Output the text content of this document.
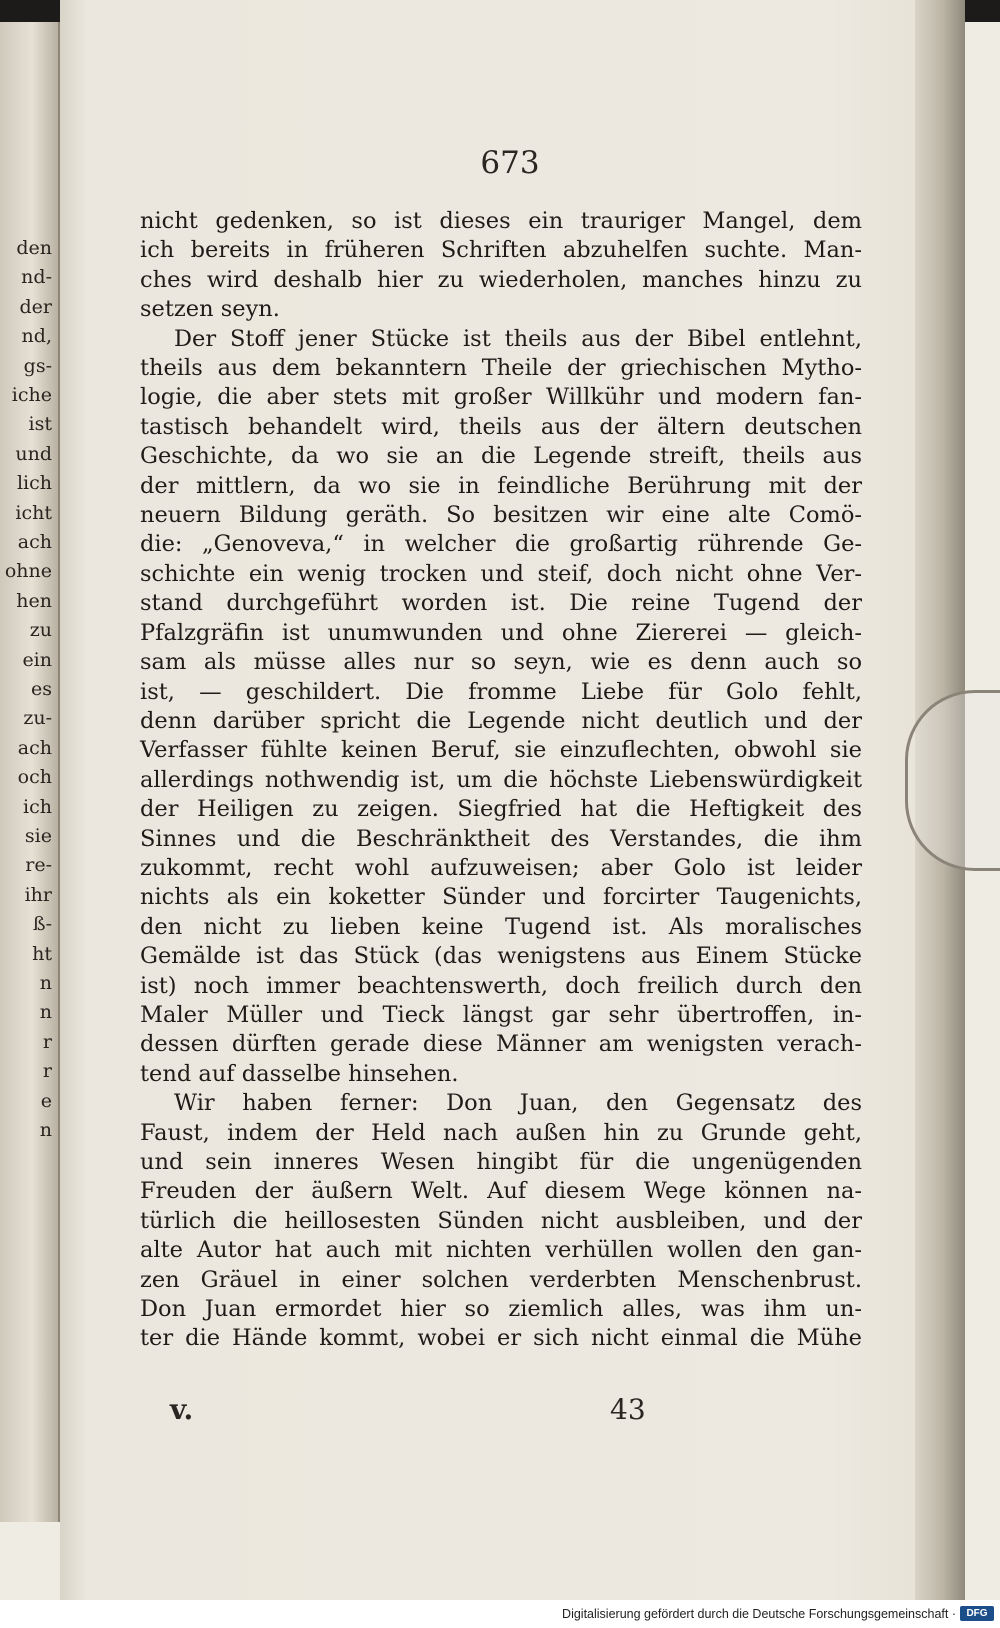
den
nd-
der
nd,
gs-
iche
ist
und
lich
icht
ach
ohne
hen
zu
ein
es
zu-
ach
och
ich
sie
re-
ihr
ß-
ht
n
n
r
r
e
n
673
nicht gedenken, so ist dieses ein trauriger Mangel, dem
ich bereits in früheren Schriften abzuhelfen suchte. Man-
ches wird deshalb hier zu wiederholen, manches hinzu zu
setzen seyn.
Der Stoff jener Stücke ist theils aus der Bibel entlehnt,
theils aus dem bekanntern Theile der griechischen Mytho-
logie, die aber stets mit großer Willkühr und modern fan-
tastisch behandelt wird, theils aus der ältern deutschen
Geschichte, da wo sie an die Legende streift, theils aus
der mittlern, da wo sie in feindliche Berührung mit der
neuern Bildung geräth. So besitzen wir eine alte Comö-
die: „Genoveva,“ in welcher die großartig rührende Ge-
schichte ein wenig trocken und steif, doch nicht ohne Ver-
stand durchgeführt worden ist. Die reine Tugend der
Pfalzgräfin ist unumwunden und ohne Ziererei — gleich-
sam als müsse alles nur so seyn, wie es denn auch so
ist, — geschildert. Die fromme Liebe für Golo fehlt,
denn darüber spricht die Legende nicht deutlich und der
Verfasser fühlte keinen Beruf, sie einzuflechten, obwohl sie
allerdings nothwendig ist, um die höchste Liebenswürdigkeit
der Heiligen zu zeigen. Siegfried hat die Heftigkeit des
Sinnes und die Beschränktheit des Verstandes, die ihm
zukommt, recht wohl aufzuweisen; aber Golo ist leider
nichts als ein koketter Sünder und forcirter Taugenichts,
den nicht zu lieben keine Tugend ist. Als moralisches
Gemälde ist das Stück (das wenigstens aus Einem Stücke
ist) noch immer beachtenswerth, doch freilich durch den
Maler Müller und Tieck längst gar sehr übertroffen, in-
dessen dürften gerade diese Männer am wenigsten verach-
tend auf dasselbe hinsehen.
Wir haben ferner: Don Juan, den Gegensatz des
Faust, indem der Held nach außen hin zu Grunde geht,
und sein inneres Wesen hingibt für die ungenügenden
Freuden der äußern Welt. Auf diesem Wege können na-
türlich die heillosesten Sünden nicht ausbleiben, und der
alte Autor hat auch mit nichten verhüllen wollen den gan-
zen Gräuel in einer solchen verderbten Menschenbrust.
Don Juan ermordet hier so ziemlich alles, was ihm un-
ter die Hände kommt, wobei er sich nicht einmal die Mühe
v.	43
Digitalisierung gefördert durch die Deutsche Forschungsgemeinschaft ·	DFG
